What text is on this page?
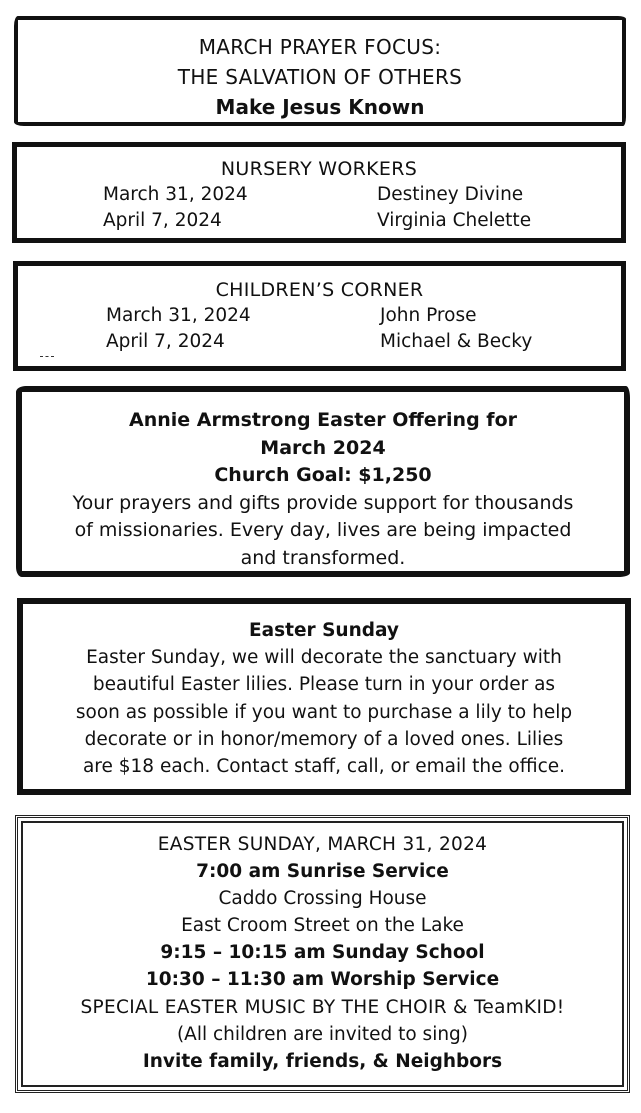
MARCH PRAYER FOCUS:
THE SALVATION OF OTHERS
Make Jesus Known
NURSERY WORKERS
March 31, 2024	Destiney Divine
April 7, 2024	Virginia Chelette
CHILDREN’S CORNER
March 31, 2024	John Prose
April 7, 2024	Michael & Becky
Annie Armstrong Easter Offering for
March 2024
Church Goal: $1,250
Your prayers and gifts provide support for thousands
of missionaries. Every day, lives are being impacted
and transformed.
Easter Sunday
Easter Sunday, we will decorate the sanctuary with
beautiful Easter lilies. Please turn in your order as
soon as possible if you want to purchase a lily to help
decorate or in honor/memory of a loved ones. Lilies
are $18 each. Contact staff, call, or email the office.
EASTER SUNDAY, MARCH 31, 2024
7:00 am Sunrise Service
Caddo Crossing House
East Croom Street on the Lake
9:15 – 10:15 am Sunday School
10:30 – 11:30 am Worship Service
SPECIAL EASTER MUSIC BY THE CHOIR & TeamKID!
(All children are invited to sing)
Invite family, friends, & Neighbors
